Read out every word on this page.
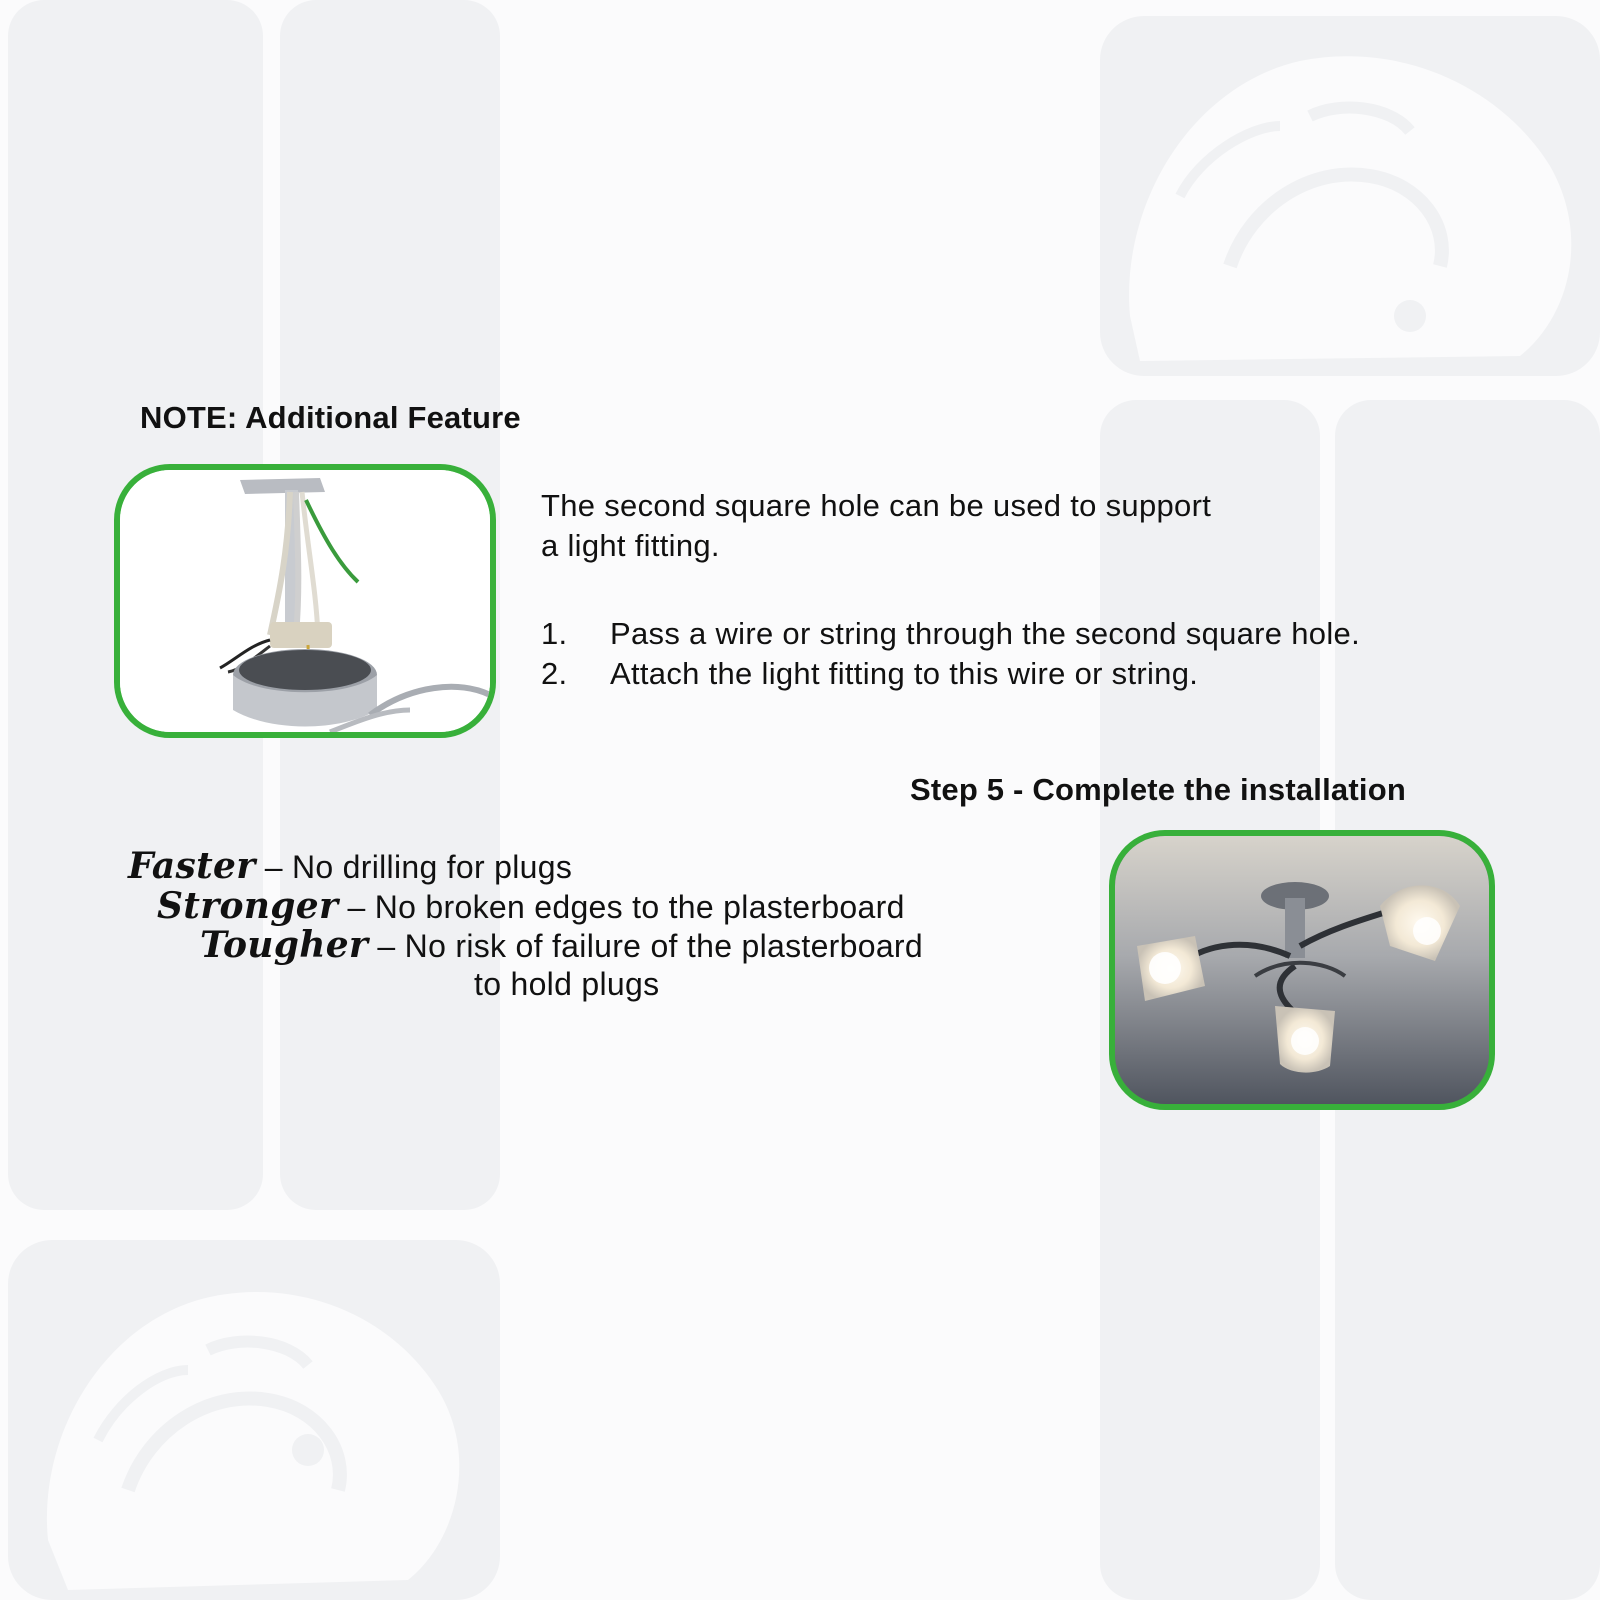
NOTE: Additional Feature

The second square hole can be used to support
a light fitting.

1. Pass a wire or string through the second square hole.
2. Attach the light fitting to this wire or string.
Step 5 - Complete the installation
Faster – No drilling for plugs
Stronger – No broken edges to the plasterboard
Tougher – No risk of failure of the plasterboard
to hold plugs
